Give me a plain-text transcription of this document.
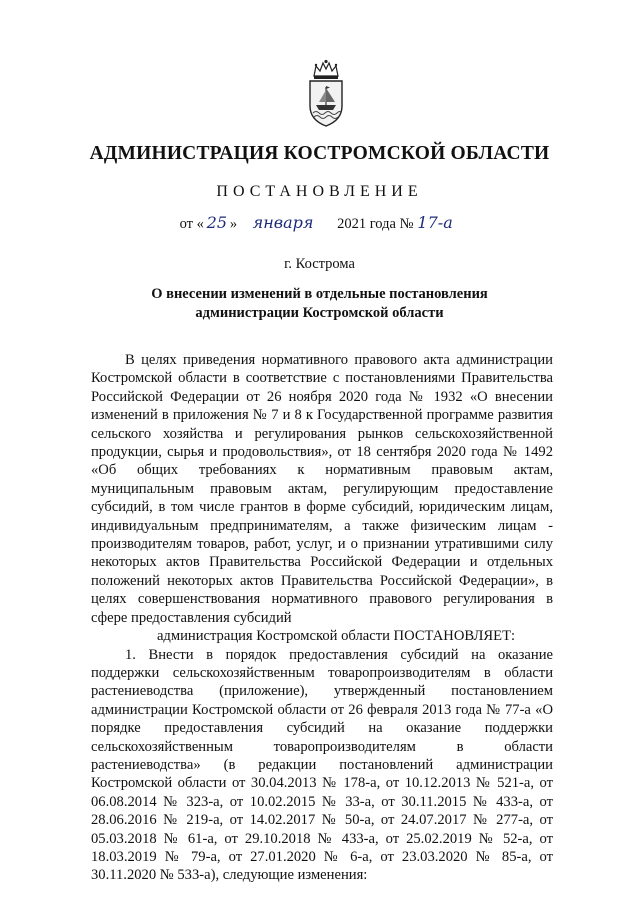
АДМИНИСТРАЦИЯ КОСТРОМСКОЙ ОБЛАСТИ
ПОСТАНОВЛЕНИЕ
от « 25 » января 2021 года № 17-а
г. Кострома
О внесении изменений в отдельные постановления
администрации Костромской области

В целях приведения нормативного правового акта администрации Костромской области в соответствие с постановлениями Правительства Российской Федерации от 26 ноября 2020 года № 1932 «О внесении изменений в приложения № 7 и 8 к Государственной программе развития сельского хозяйства и регулирования рынков сельскохозяйственной продукции, сырья и продовольствия», от 18 сентября 2020 года № 1492 «Об общих требованиях к нормативным правовым актам, муниципальным правовым актам, регулирующим предоставление субсидий, в том числе грантов в форме субсидий, юридическим лицам, индивидуальным предпринимателям, а также физическим лицам - производителям товаров, работ, услуг, и о признании утратившими силу некоторых актов Правительства Российской Федерации и отдельных положений некоторых актов Правительства Российской Федерации», в целях совершенствования нормативного правового регулирования в сфере предоставления субсидий

администрация Костромской области ПОСТАНОВЛЯЕТ:

1. Внести в порядок предоставления субсидий на оказание поддержки сельскохозяйственным товаропроизводителям в области растениеводства (приложение), утвержденный постановлением администрации Костромской области от 26 февраля 2013 года № 77-а «О порядке предоставления субсидий на оказание поддержки сельскохозяйственным товаропроизводителям в области растениеводства» (в редакции постановлений администрации Костромской области от 30.04.2013 № 178-а, от 10.12.2013 № 521-а, от 06.08.2014 № 323-а, от 10.02.2015 № 33-а, от 30.11.2015 № 433-а, от 28.06.2016 № 219-а, от 14.02.2017 № 50-а, от 24.07.2017 № 277-а, от 05.03.2018 № 61-а, от 29.10.2018 № 433-а, от 25.02.2019 № 52-а, от 18.03.2019 № 79-а, от 27.01.2020 № 6-а, от 23.03.2020 № 85-а, от 30.11.2020 № 533-а), следующие изменения:
